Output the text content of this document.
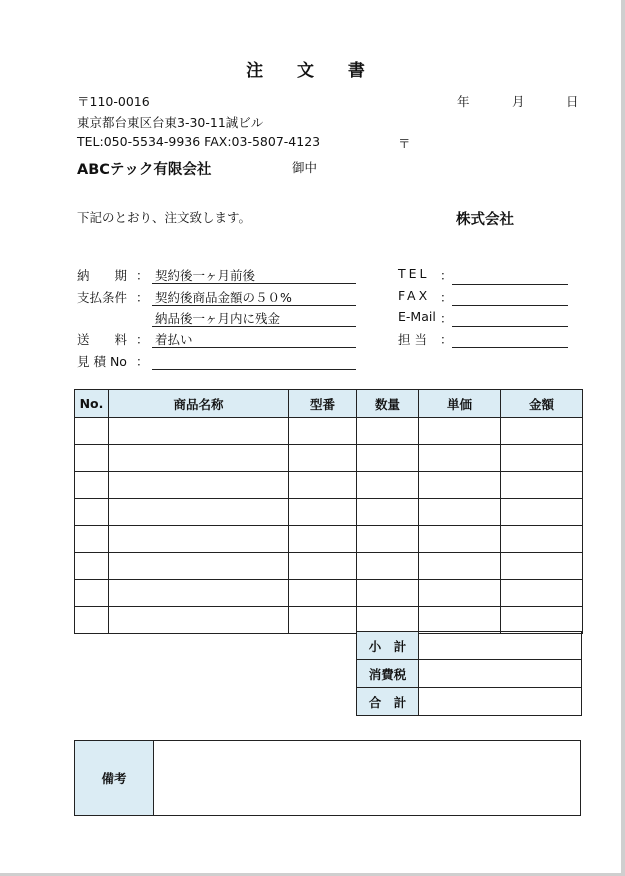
注 文 書
〒110-0016
東京都台東区台東3-30-11誠ビル
TEL:050-5534-9936 FAX:03-5807-4123
ABCテック有限会社	御中
年	月	日
〒
株式会社
下記のとおり、注文致します。
納　　期 ： 契約後一ヶ月前後
支払条件 ： 契約後商品金額の５０%
納品後一ヶ月内に残金
送　　料 ： 着払い
見 積 No ：
TEL ：
FAX ：
E-Mail ：
担 当 ：
No.	商品名称	型番	数量	単価	金額

小　計	
消費税	
合　計	
備考
